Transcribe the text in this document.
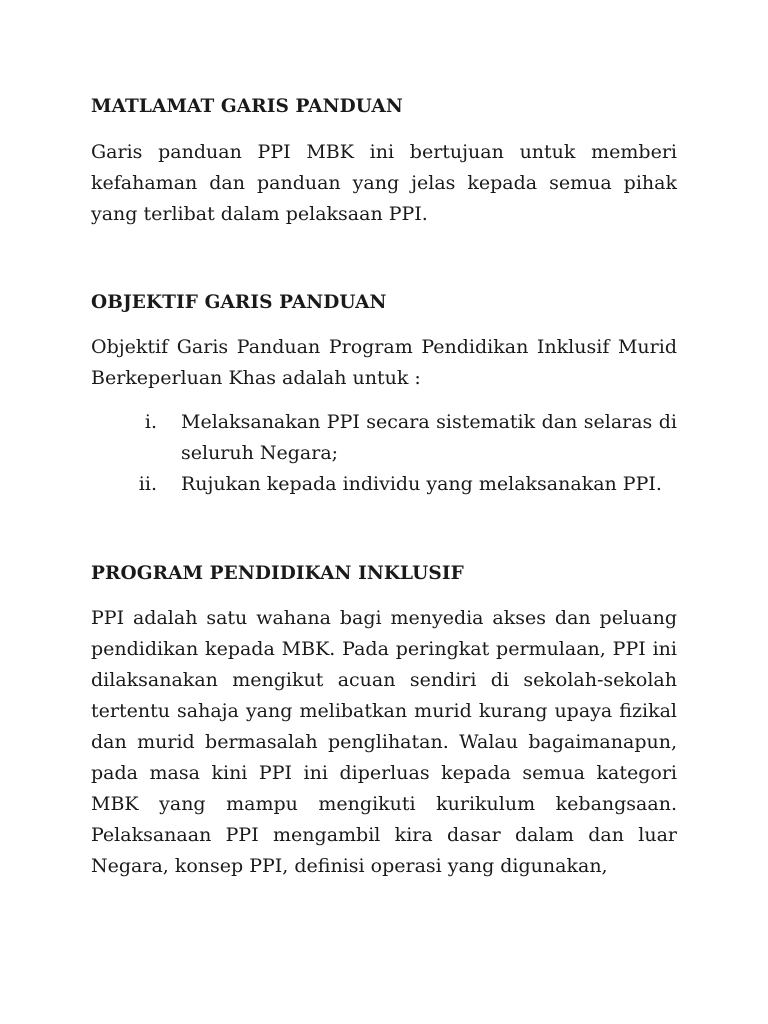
MATLAMAT GARIS PANDUAN

Garis panduan PPI MBK ini bertujuan untuk memberi kefahaman dan panduan yang jelas kepada semua pihak yang terlibat dalam pelaksaan PPI.

OBJEKTIF GARIS PANDUAN

Objektif Garis Panduan Program Pendidikan Inklusif Murid Berkeperluan Khas adalah untuk :

i. Melaksanakan PPI secara sistematik dan selaras di seluruh Negara;
ii. Rujukan kepada individu yang melaksanakan PPI.
PROGRAM PENDIDIKAN INKLUSIF

PPI adalah satu wahana bagi menyedia akses dan peluang pendidikan kepada MBK. Pada peringkat permulaan, PPI ini dilaksanakan mengikut acuan sendiri di sekolah-sekolah tertentu sahaja yang melibatkan murid kurang upaya fizikal dan murid bermasalah penglihatan. Walau bagaimanapun, pada masa kini PPI ini diperluas kepada semua kategori MBK yang mampu mengikuti kurikulum kebangsaan. Pelaksanaan PPI mengambil kira dasar dalam dan luar Negara, konsep PPI, definisi operasi yang digunakan,
